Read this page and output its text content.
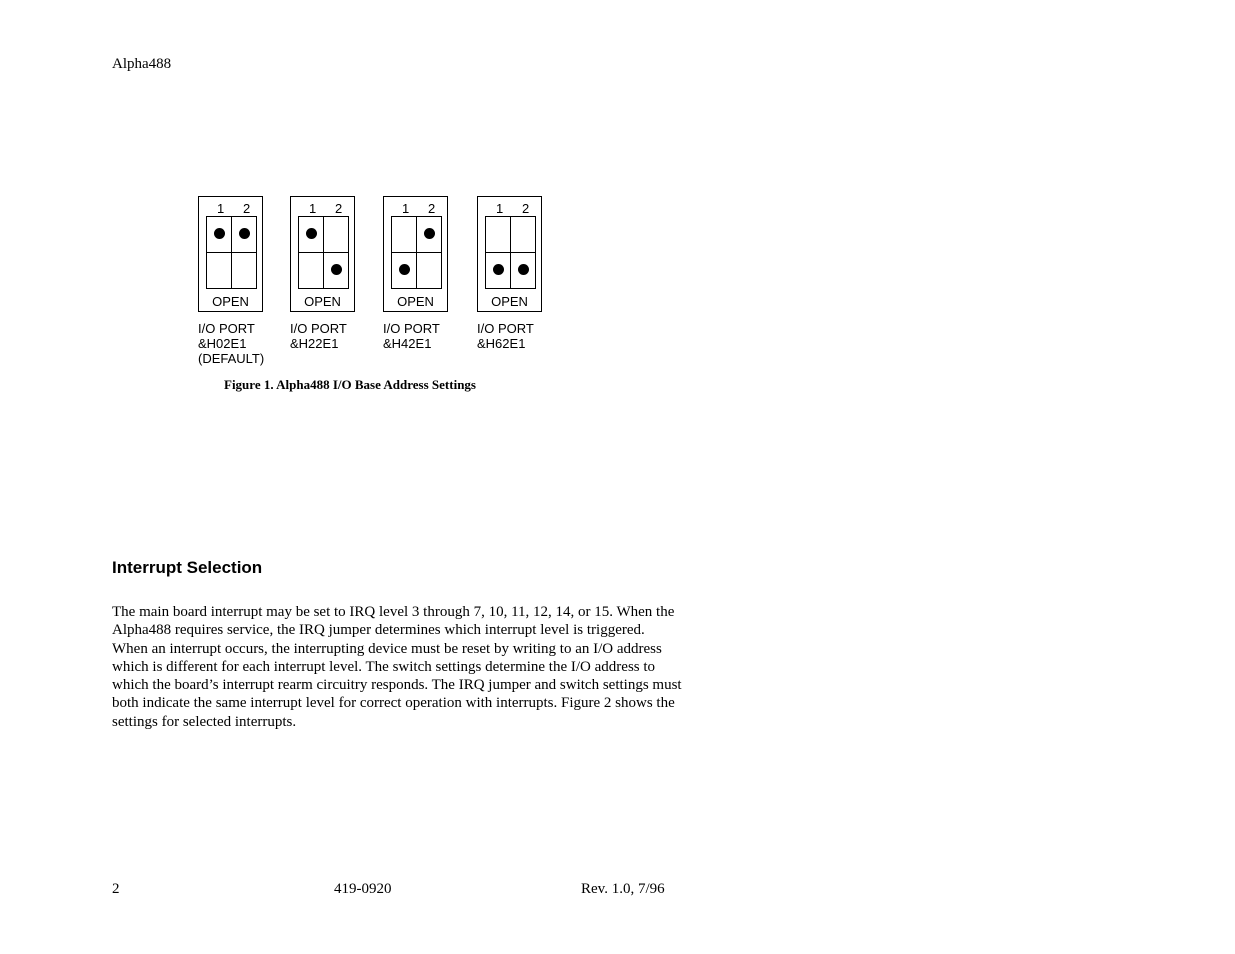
Alpha488
1 2
OPEN
I/O PORT
&H02E1
(DEFAULT)
1 2
OPEN
I/O PORT
&H22E1
1 2
OPEN
I/O PORT
&H42E1
1 2
OPEN
I/O PORT
&H62E1
Figure 1. Alpha488 I/O Base Address Settings
Interrupt Selection

The main board interrupt may be set to IRQ level 3 through 7, 10, 11, 12, 14, or 15. When the Alpha488 requires service, the IRQ jumper determines which interrupt level is triggered. When an interrupt occurs, the interrupting device must be reset by writing to an I/O address which is different for each interrupt level. The switch settings determine the I/O address to which the board’s interrupt rearm circuitry responds. The IRQ jumper and switch settings must both indicate the same interrupt level for correct operation with interrupts. Figure 2 shows the settings for selected interrupts.

2	419-0920	Rev. 1.0, 7/96
